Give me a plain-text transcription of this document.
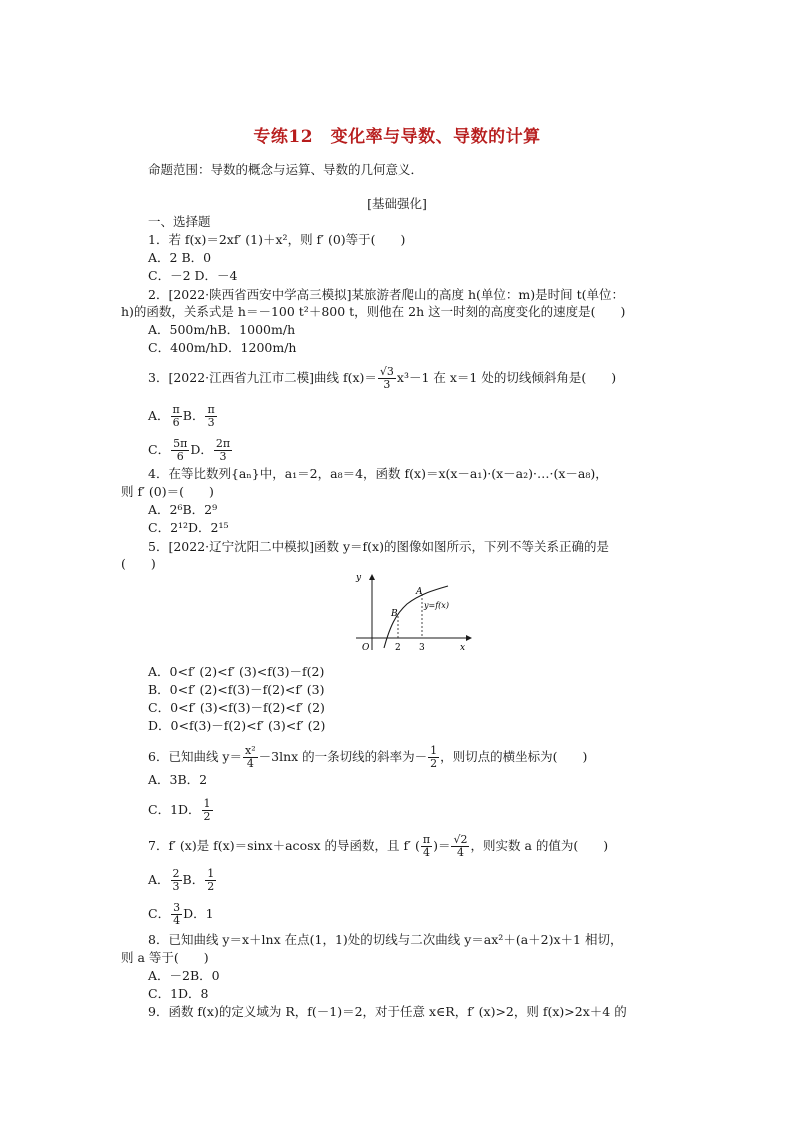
专练12　变化率与导数、导数的计算
命题范围：导数的概念与运算、导数的几何意义．
[基础强化]
一、选择题
1．若 f(x)＝2xf′ (1)＋x²，则 f′ (0)等于(　　)
A．2 B．0
C．－2 D．－4
2．[2022·陕西省西安中学高三模拟]某旅游者爬山的高度 h(单位：m)是时间 t(单位：
h)的函数，关系式是 h＝－100 t²＋800 t，则他在 2h 这一时刻的高度变化的速度是(　　)
A．500m/hB．1000m/h
C．400m/hD．1200m/h
3．[2022·江西省九江市二模]曲线 $f(x)= \frac{√3}{3} x^3-1$ 在 x＝1 处的切线倾斜角是(　　)
A． $\frac{\pi}{6}$ B． $\frac{\pi}{3}$
C． $\frac{5\pi}{6}$ D． $\frac{2\pi}{3}$
4．在等比数列{aₙ}中，a₁＝2，a₈＝4，函数 f(x)＝x(x－a₁)·(x－a₂)·…·(x－a₈)，
则 f′ (0)＝(　　)
A．2⁶B．2⁹
C．2¹²D．2¹⁵
5．[2022·辽宁沈阳二中模拟]函数 y＝f(x)的图像如图所示，下列不等关系正确的是
(　　)
y
x
O	2 3
B
A
y=f(x)
A．0<f′ (2)<f′ (3)<f(3)－f(2)
B．0<f′ (2)<f(3)－f(2)<f′ (3)
C．0<f′ (3)<f(3)－f(2)<f′ (2)
D．0<f(3)－f(2)<f′ (3)<f′ (2)
6．已知曲线 $y= \frac{\text{x²}}{4} -3\ln x$ 的一条切线的斜率为－ $\frac{1}{2}$ ，则切点的横坐标为(　　)
A．3B．2
C．1D． $\frac{1}{2}$
7．f′ (x)是 f(x)＝sinx＋acosx 的导函数，且 f′ ( $\frac{\pi}{4}$ )＝ $\frac{√2}{4}$ ，则实数 a 的值为(　　)
A． $\frac{2}{3}$ B． $\frac{1}{2}$
C． $\frac{3}{4}$ D．1
8．已知曲线 y＝x＋lnx 在点(1，1)处的切线与二次曲线 y＝ax²＋(a＋2)x＋1 相切，
则 a 等于(　　)
A．－2B．0
C．1D．8
9．函数 f(x)的定义域为 R，f(－1)＝2，对于任意 x∈R，f′ (x)>2，则 f(x)>2x＋4 的
